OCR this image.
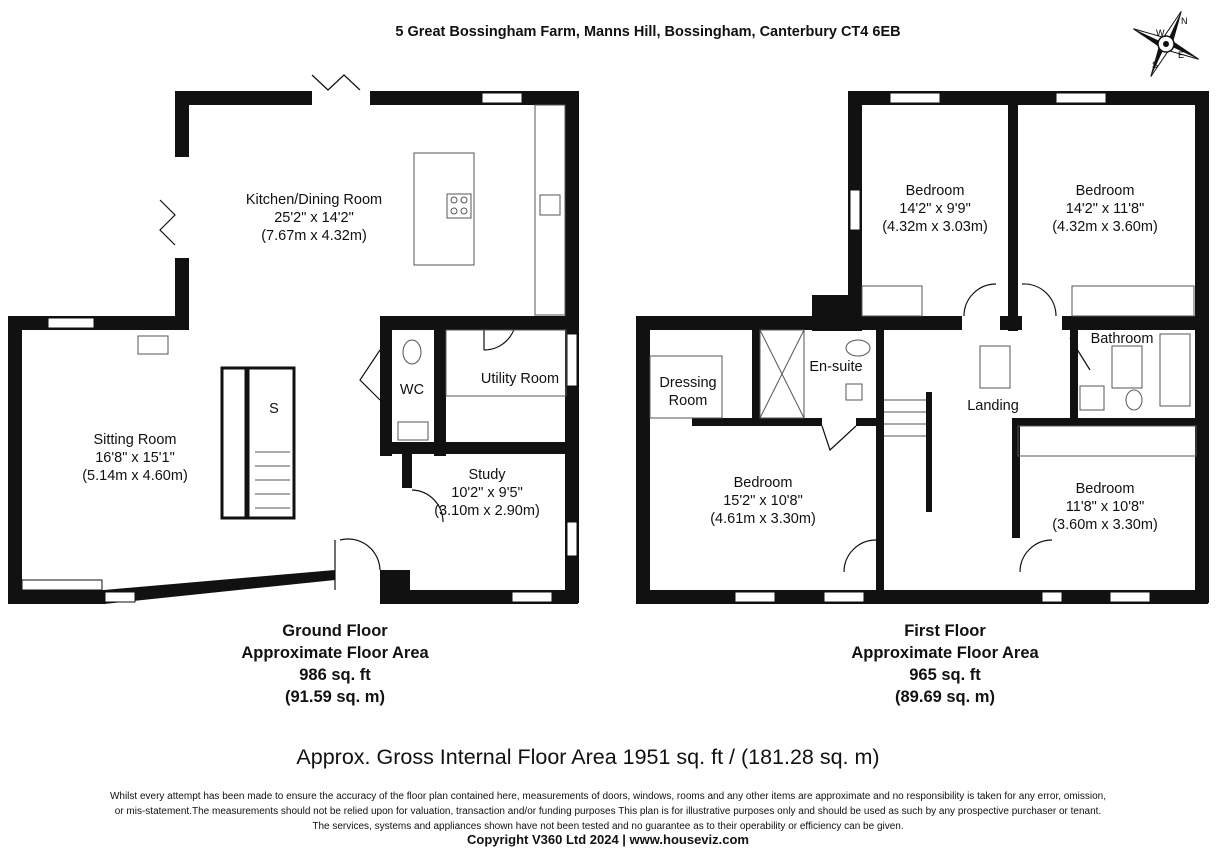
5 Great Bossingham Farm, Manns Hill, Bossingham, Canterbury CT4 6EB
N
E
S
W
Kitchen/Dining Room
25'2" x 14'2"
(7.67m x 4.32m)
Sitting Room
16'8" x 15'1"
(5.14m x 4.60m)	Study
10'2" x 9'5"
(3.10m x 2.90m)
WC
Utility Room
S
Bedroom
14'2" x 9'9"
(4.32m x 3.03m)
Bedroom
14'2" x 11'8"
(4.32m x 3.60m)
Bedroom
15'2" x 10'8"
(4.61m x 3.30m)
Bedroom
11'8" x 10'8"
(3.60m x 3.30m)
En-suite
Bathroom
Landing
Dressing
Room
Ground Floor
Approximate Floor Area
986 sq. ft
(91.59 sq. m)
First Floor
Approximate Floor Area
965 sq. ft
(89.69 sq. m)
Approx. Gross Internal Floor Area 1951 sq. ft / (181.28 sq. m)
Whilst every attempt has been made to ensure the accuracy of the floor plan contained here, measurements of doors, windows, rooms and any other items are approximate and no responsibility is taken for any error, omission,
or mis-statement.The measurements should not be relied upon for valuation, transaction and/or funding purposes This plan is for illustrative purposes only and should be used as such by any prospective purchaser or tenant.
The services, systems and appliances shown have not been tested and no guarantee as to their operability or efficiency can be given.
Copyright V360 Ltd 2024 | www.houseviz.com
